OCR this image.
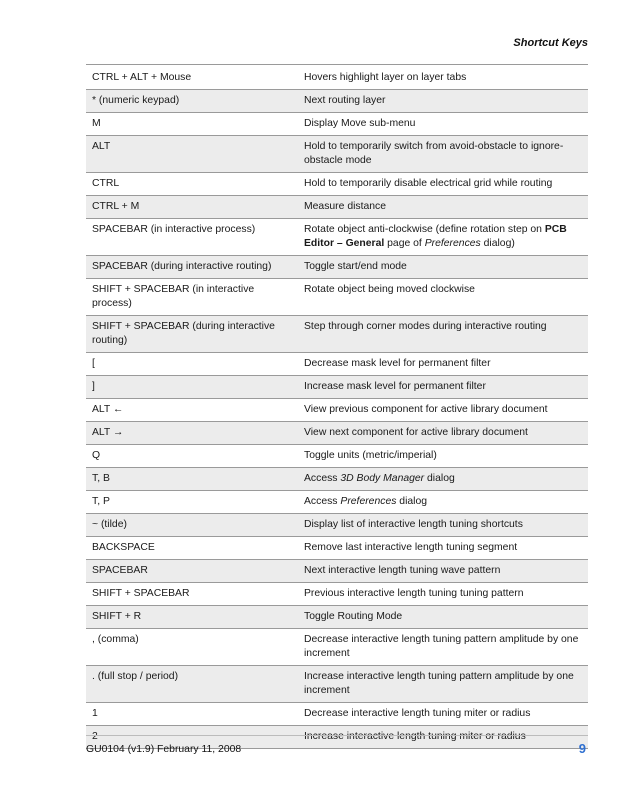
Shortcut Keys
CTRL + ALT + Mouse	Hovers highlight layer on layer tabs
* (numeric keypad)	Next routing layer
M	Display Move sub-menu
ALT	Hold to temporarily switch from avoid-obstacle to ignore-obstacle mode
CTRL	Hold to temporarily disable electrical grid while routing
CTRL + M	Measure distance
SPACEBAR (in interactive process)	Rotate object anti-clockwise (define rotation step on PCB Editor – General page of Preferences dialog)
SPACEBAR (during interactive routing)	Toggle start/end mode
SHIFT + SPACEBAR (in interactive process)	Rotate object being moved clockwise
SHIFT + SPACEBAR (during interactive routing)	Step through corner modes during interactive routing
[	Decrease mask level for permanent filter
]	Increase mask level for permanent filter
ALT ←	View previous component for active library document
ALT →	View next component for active library document
Q	Toggle units (metric/imperial)
T, B	Access 3D Body Manager dialog
T, P	Access Preferences dialog
~ (tilde)	Display list of interactive length tuning shortcuts
BACKSPACE	Remove last interactive length tuning segment
SPACEBAR	Next interactive length tuning wave pattern
SHIFT + SPACEBAR	Previous interactive length tuning tuning pattern
SHIFT + R	Toggle Routing Mode
, (comma)	Decrease interactive length tuning pattern amplitude by one increment
. (full stop / period)	Increase interactive length tuning pattern amplitude by one increment
1	Decrease interactive length tuning miter or radius
2	Increase interactive length tuning miter or radius
GU0104 (v1.9) February 11, 2008	9
